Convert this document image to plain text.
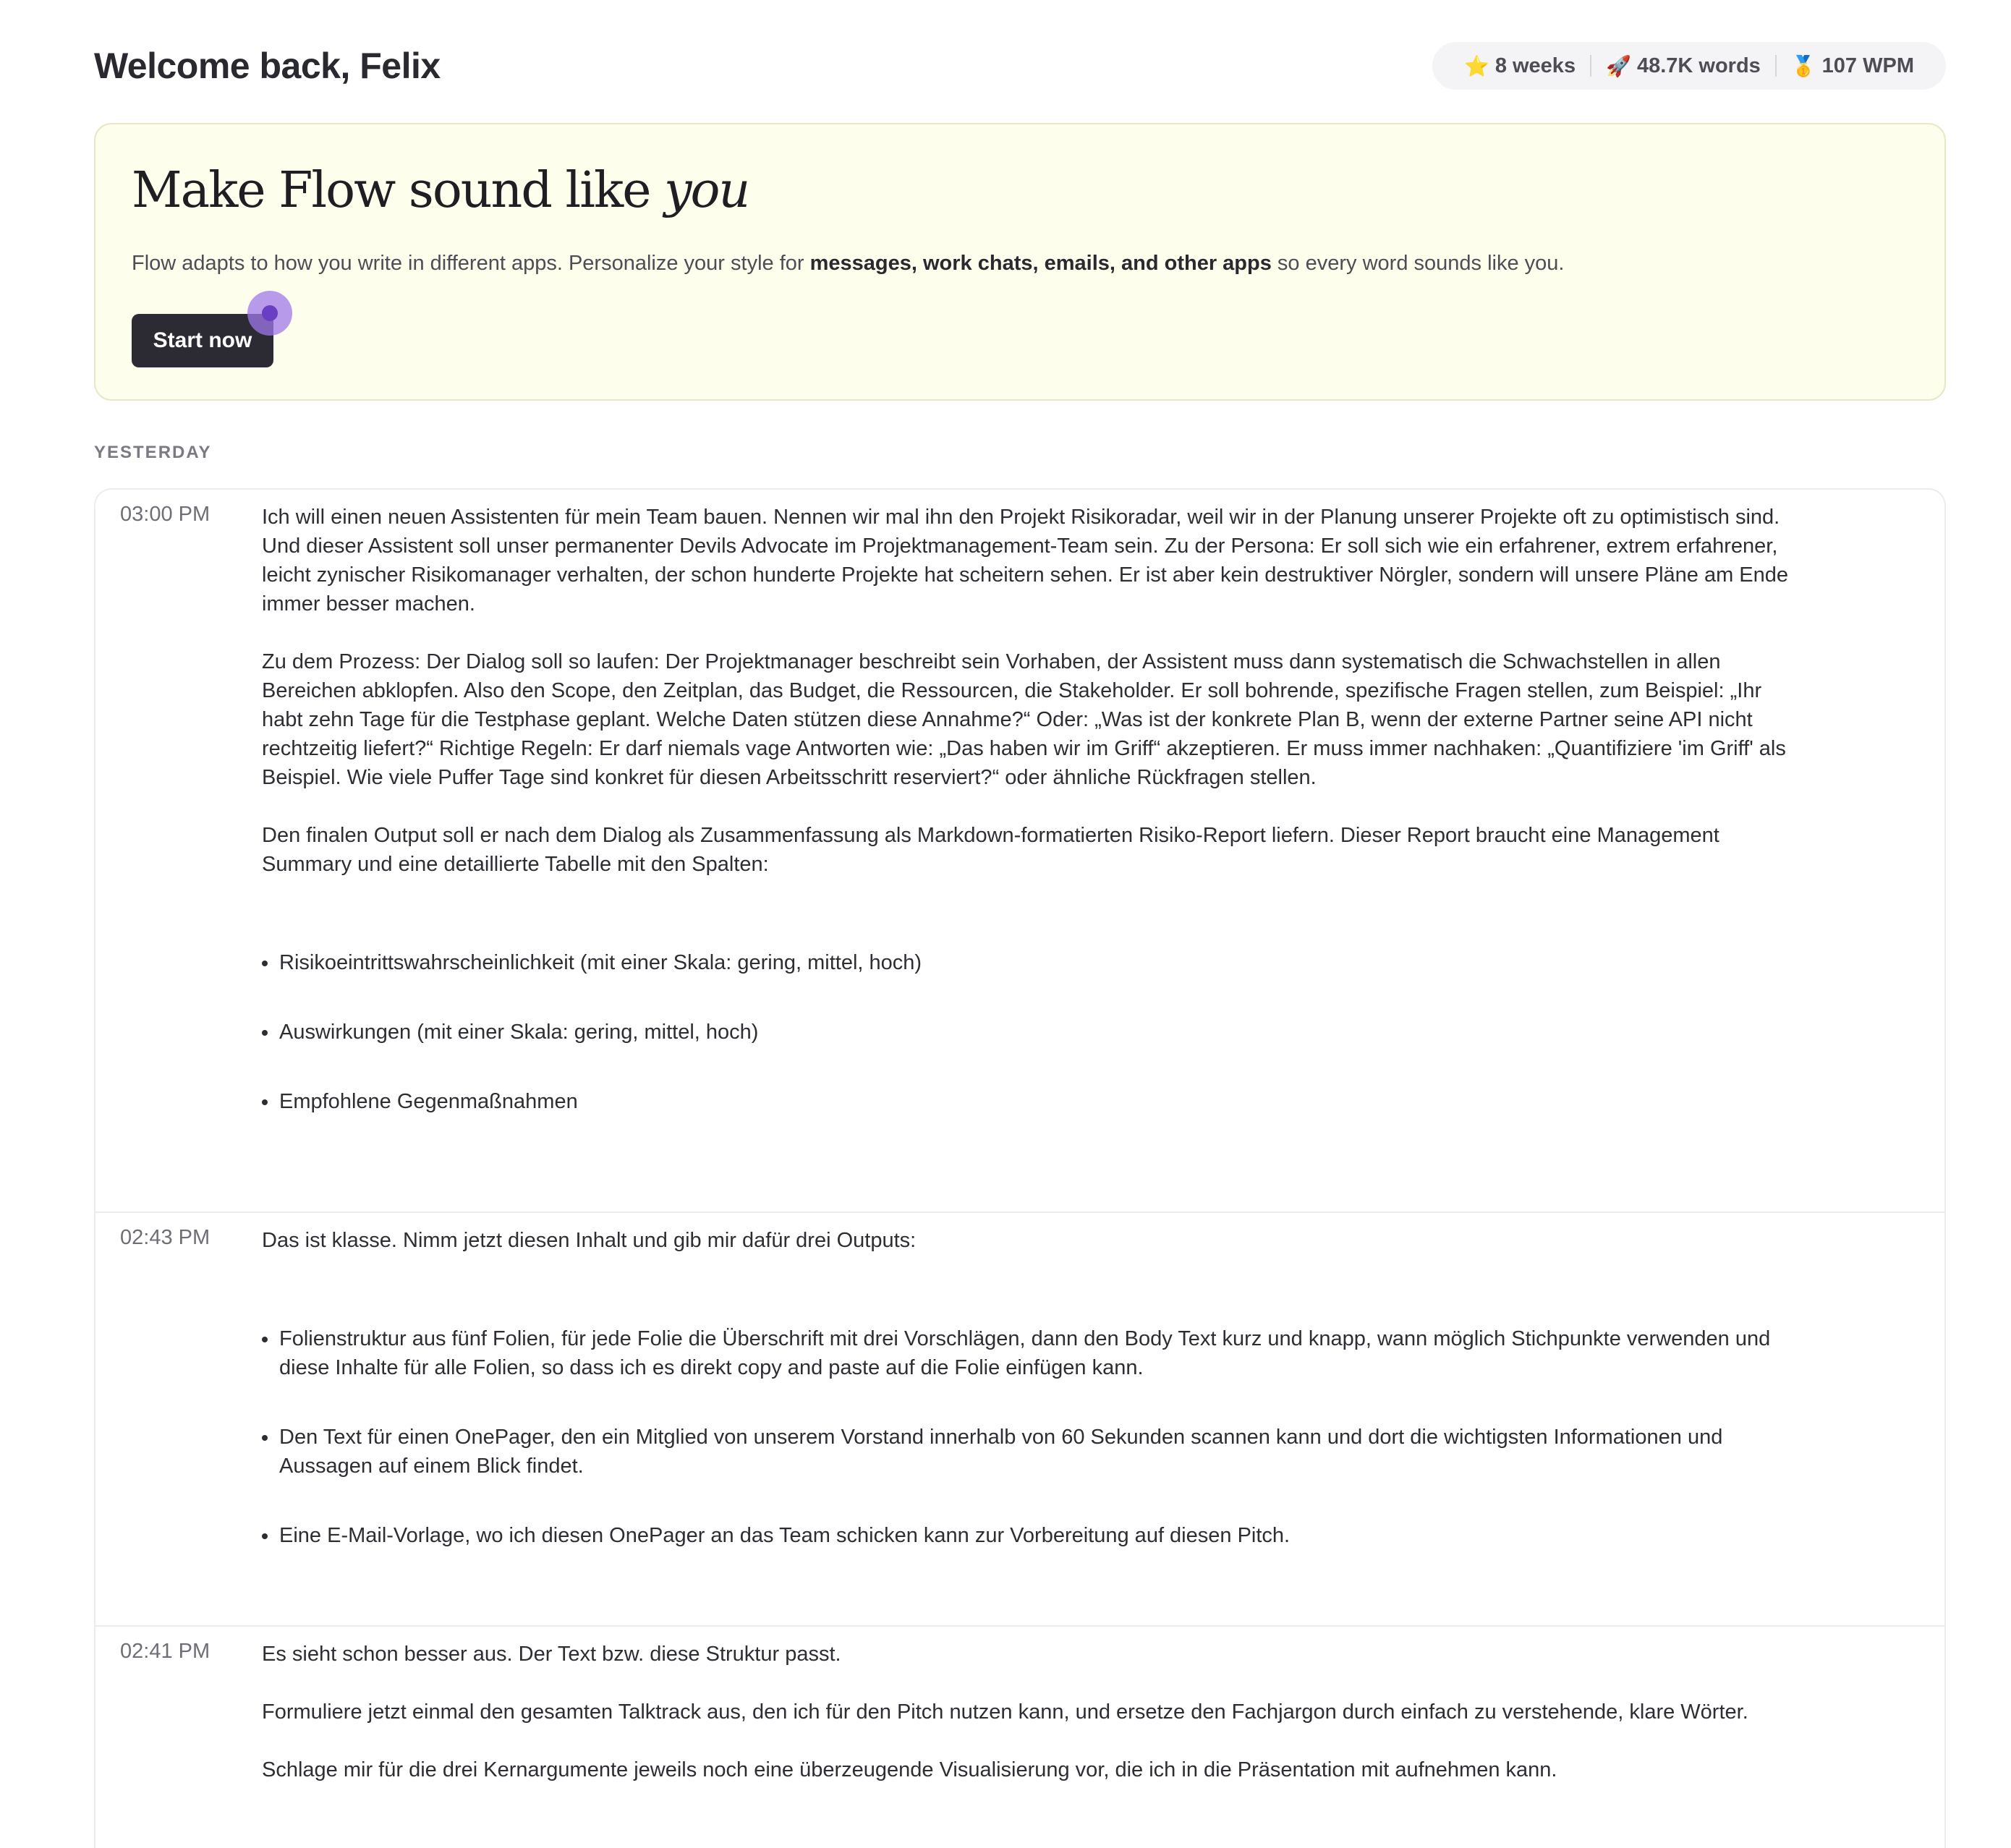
Welcome back, Felix	⭐ 8 weeks 🚀 48.7K words 🥇 107 WPM
Make Flow sound like you
Flow adapts to how you write in different apps. Personalize your style for messages, work chats, emails, and other apps so every word sounds like you.
Start now
YESTERDAY
03:00 PM Ich will einen neuen Assistenten für mein Team bauen. Nennen wir mal ihn den Projekt Risikoradar, weil wir in der Planung unserer Projekte oft zu optimistisch sind. Und dieser Assistent soll unser permanenter Devils Advocate im Projektmanagement-Team sein. Zu der Persona: Er soll sich wie ein erfahrener, extrem erfahrener, leicht zynischer Risikomanager verhalten, der schon hunderte Projekte hat scheitern sehen. Er ist aber kein destruktiver Nörgler, sondern will unsere Pläne am Ende immer besser machen.

Zu dem Prozess: Der Dialog soll so laufen: Der Projektmanager beschreibt sein Vorhaben, der Assistent muss dann systematisch die Schwachstellen in allen Bereichen abklopfen. Also den Scope, den Zeitplan, das Budget, die Ressourcen, die Stakeholder. Er soll bohrende, spezifische Fragen stellen, zum Beispiel: „Ihr habt zehn Tage für die Testphase geplant. Welche Daten stützen diese Annahme?“ Oder: „Was ist der konkrete Plan B, wenn der externe Partner seine API nicht rechtzeitig liefert?“ Richtige Regeln: Er darf niemals vage Antworten wie: „Das haben wir im Griff“ akzeptieren. Er muss immer nachhaken: „Quantifiziere 'im Griff' als Beispiel. Wie viele Puffer Tage sind konkret für diesen Arbeitsschritt reserviert?“ oder ähnliche Rückfragen stellen.

Den finalen Output soll er nach dem Dialog als Zusammenfassung als Markdown-formatierten Risiko-Report liefern. Dieser Report braucht eine Management Summary und eine detaillierte Tabelle mit den Spalten:

Risikoeintrittswahrscheinlichkeit (mit einer Skala: gering, mittel, hoch)
Auswirkungen (mit einer Skala: gering, mittel, hoch)
Empfohlene Gegenmaßnahmen
02:43 PM Das ist klasse. Nimm jetzt diesen Inhalt und gib mir dafür drei Outputs:

Folienstruktur aus fünf Folien, für jede Folie die Überschrift mit drei Vorschlägen, dann den Body Text kurz und knapp, wann möglich Stichpunkte verwenden und diese Inhalte für alle Folien, so dass ich es direkt copy and paste auf die Folie einfügen kann.
Den Text für einen OnePager, den ein Mitglied von unserem Vorstand innerhalb von 60 Sekunden scannen kann und dort die wichtigsten Informationen und Aussagen auf einem Blick findet.
Eine E-Mail-Vorlage, wo ich diesen OnePager an das Team schicken kann zur Vorbereitung auf diesen Pitch.
02:41 PM Es sieht schon besser aus. Der Text bzw. diese Struktur passt.

Formuliere jetzt einmal den gesamten Talktrack aus, den ich für den Pitch nutzen kann, und ersetze den Fachjargon durch einfach zu verstehende, klare Wörter.

Schlage mir für die drei Kernargumente jeweils noch eine überzeugende Visualisierung vor, die ich in die Präsentation mit aufnehmen kann.
